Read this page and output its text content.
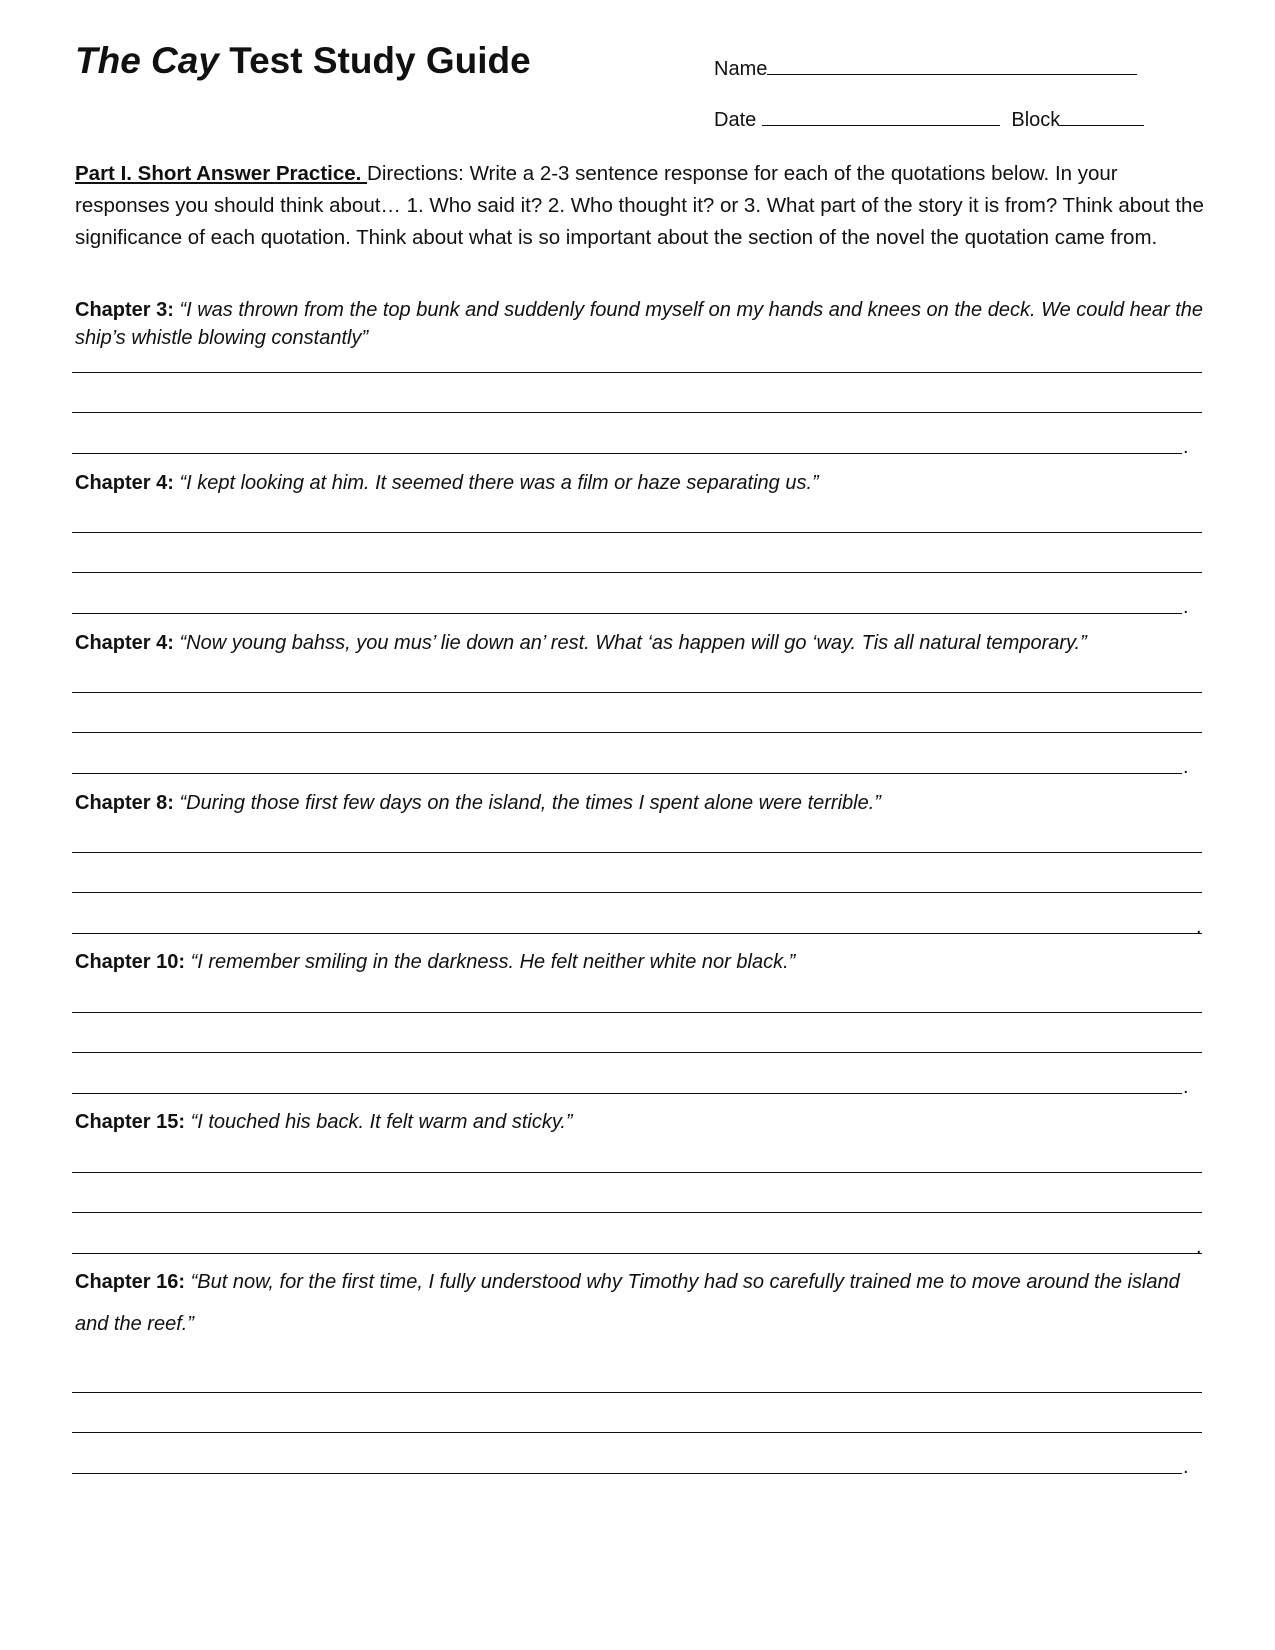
The Cay Test Study Guide	Name
Date	Block
Part I. Short Answer Practice. Directions: Write a 2-3 sentence response for each of the quotations below. In your responses you should think about… 1. Who said it? 2. Who thought it? or 3. What part of the story it is from? Think about the significance of each quotation. Think about what is so important about the section of the novel the quotation came from.
Chapter 3: “I was thrown from the top bunk and suddenly found myself on my hands and knees on the deck. We could hear the ship’s whistle blowing constantly”
.
Chapter 4: “I kept looking at him. It seemed there was a film or haze separating us.”
.
Chapter 4: “Now young bahss, you mus’ lie down an’ rest. What ‘as happen will go ‘way. Tis all natural temporary.”
.
Chapter 8: “During those first few days on the island, the times I spent alone were terrible.”
.
Chapter 10: “I remember smiling in the darkness. He felt neither white nor black.”
.
Chapter 15: “I touched his back. It felt warm and sticky.”
.
Chapter 16: “But now, for the first time, I fully understood why Timothy had so carefully trained me to move around the island and the reef.”
.
